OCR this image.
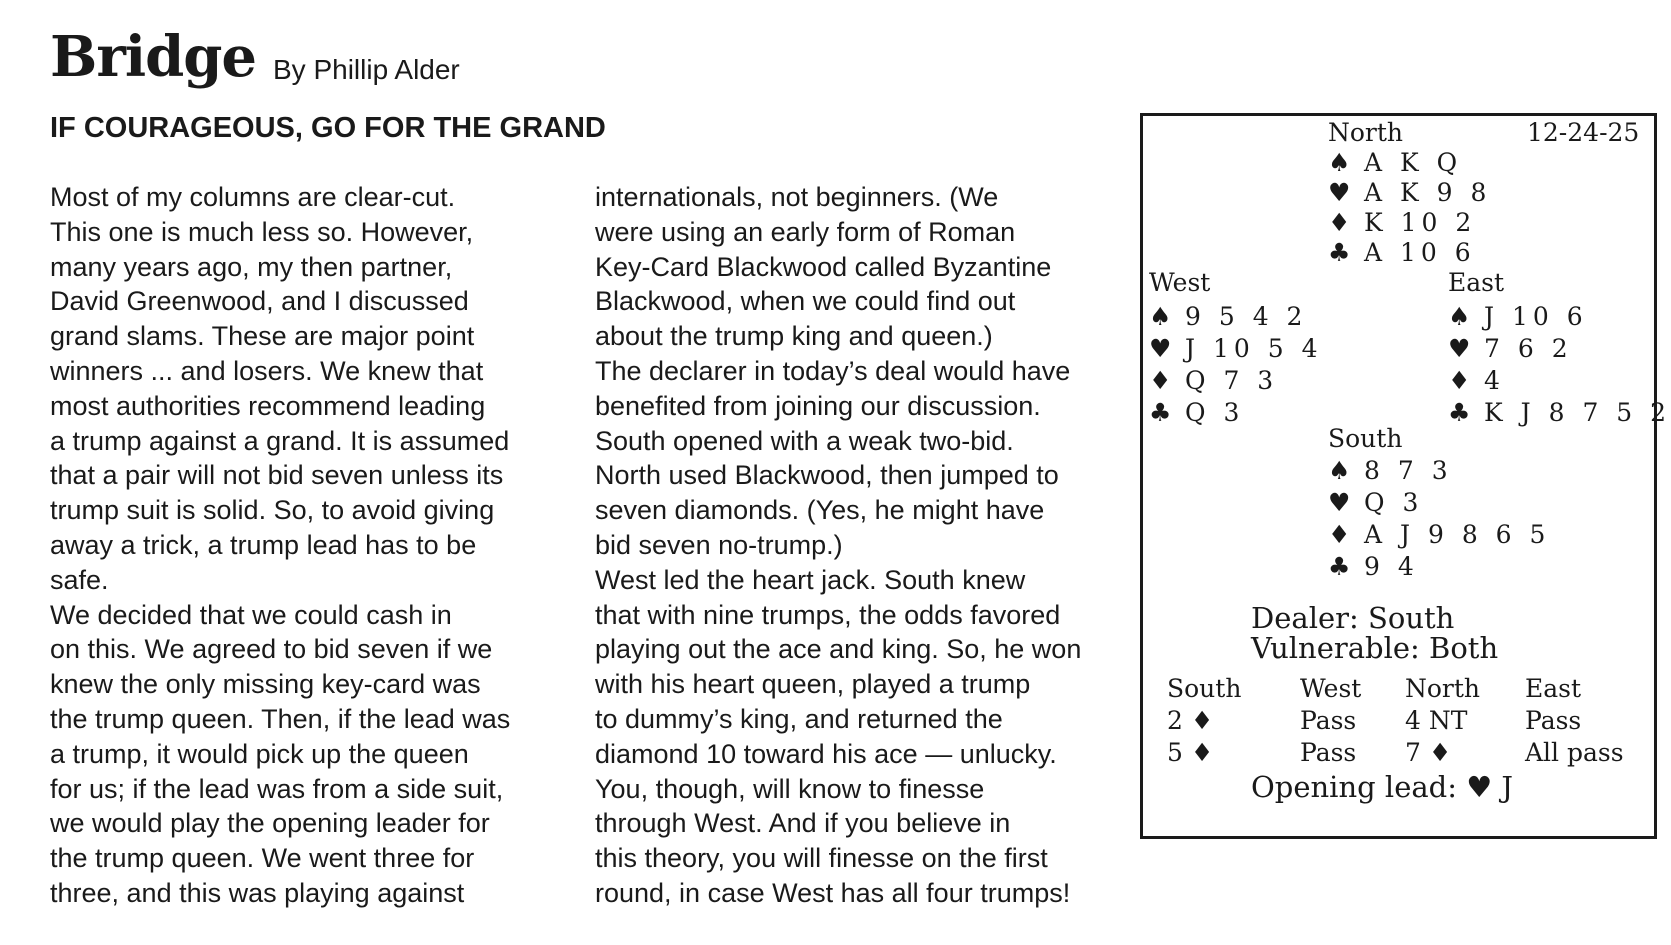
Bridge By Phillip Alder
IF COURAGEOUS, GO FOR THE GRAND
Most of my columns are clear-cut.
This one is much less so. However,
many years ago, my then partner,
David Greenwood, and I discussed
grand slams. These are major point
winners ... and losers. We knew that
most authorities recommend leading
a trump against a grand. It is assumed
that a pair will not bid seven unless its
trump suit is solid. So, to avoid giving
away a trick, a trump lead has to be
safe.
We decided that we could cash in
on this. We agreed to bid seven if we
knew the only missing key-card was
the trump queen. Then, if the lead was
a trump, it would pick up the queen
for us; if the lead was from a side suit,
we would play the opening leader for
the trump queen. We went three for
three, and this was playing against
internationals, not beginners. (We
were using an early form of Roman
Key-Card Blackwood called Byzantine
Blackwood, when we could find out
about the trump king and queen.)
The declarer in today’s deal would have
benefited from joining our discussion.
South opened with a weak two-bid.
North used Blackwood, then jumped to
seven diamonds. (Yes, he might have
bid seven no-trump.)
West led the heart jack. South knew
that with nine trumps, the odds favored
playing out the ace and king. So, he won
with his heart queen, played a trump
to dummy’s king, and returned the
diamond 10 toward his ace — unlucky.
You, though, will know to finesse
through West. And if you believe in
this theory, you will finesse on the first
round, in case West has all four trumps!
12-24-25
North
♠ A K Q
♥ A K 9 8
♦ K 10 2
♣ A 10 6
West
♠ 9 5 4 2
♥ J 10 5 4
♦ Q 7 3
♣ Q 3
East
♠ J 10 6
♥ 7 6 2
♦ 4
♣ K J 8 7 5 2
South
♠ 8 7 3
♥ Q 3
♦ A J 9 8 6 5
♣ 9 4
Dealer: South
Vulnerable: Both
South West North East
2 ♦	Pass 4 NT Pass
5 ♦	Pass 7 ♦	All pass
Opening lead: ♥ J
